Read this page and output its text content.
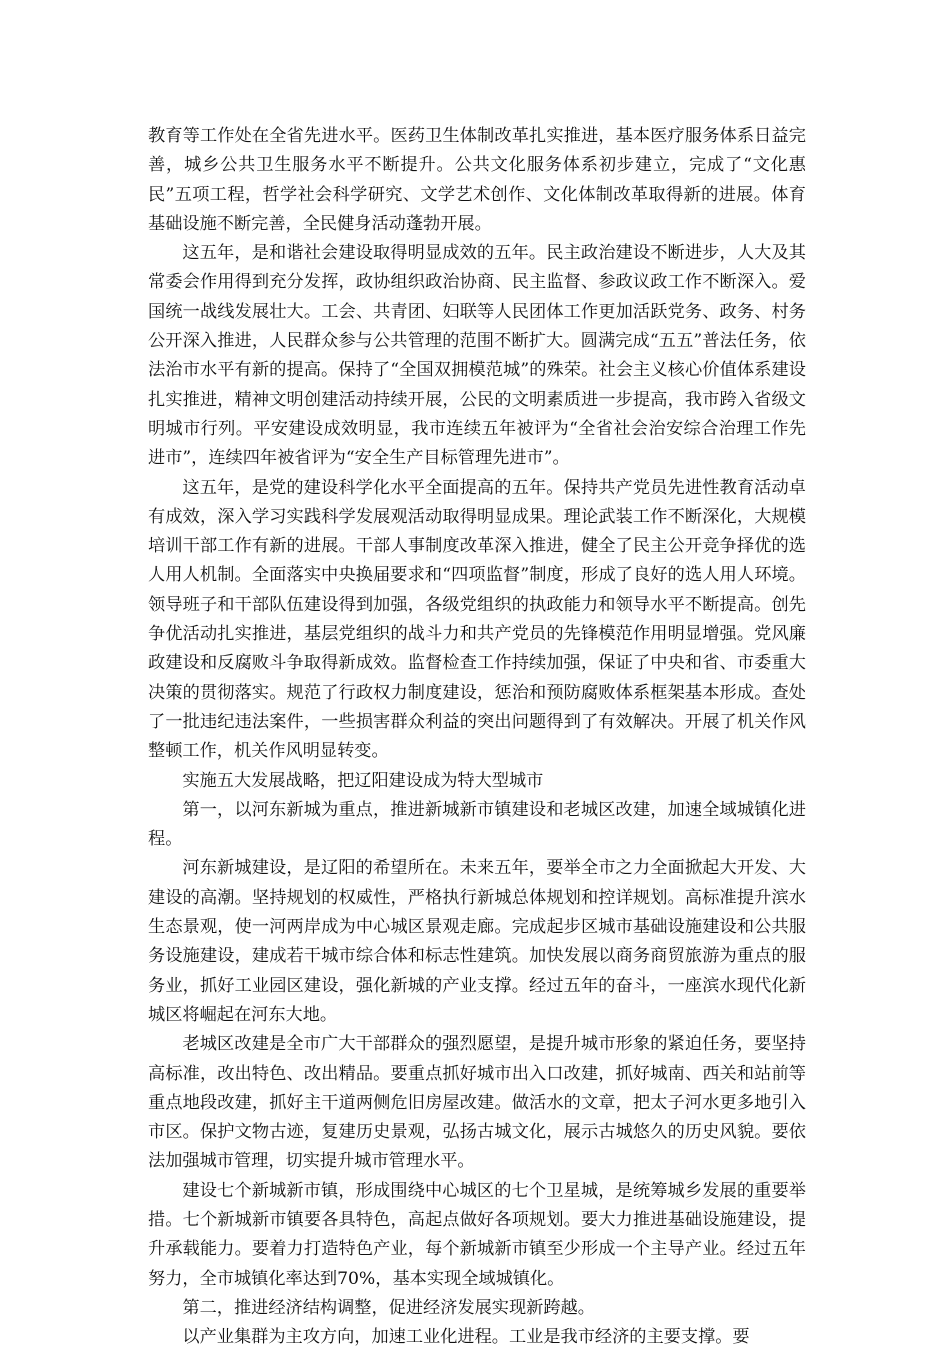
教育等工作处在全省先进水平。医药卫生体制改革扎实推进，基本医疗服务体系日益完善，城乡公共卫生服务水平不断提升。公共文化服务体系初步建立，完成了“文化惠民”五项工程，哲学社会科学研究、文学艺术创作、文化体制改革取得新的进展。体育基础设施不断完善，全民健身活动蓬勃开展。

这五年，是和谐社会建设取得明显成效的五年。民主政治建设不断进步，人大及其常委会作用得到充分发挥，政协组织政治协商、民主监督、参政议政工作不断深入。爱国统一战线发展壮大。工会、共青团、妇联等人民团体工作更加活跃党务、政务、村务公开深入推进，人民群众参与公共管理的范围不断扩大。圆满完成“五五”普法任务，依法治市水平有新的提高。保持了“全国双拥模范城”的殊荣。社会主义核心价值体系建设扎实推进，精神文明创建活动持续开展，公民的文明素质进一步提高，我市跨入省级文明城市行列。平安建设成效明显，我市连续五年被评为“全省社会治安综合治理工作先进市”，连续四年被省评为“安全生产目标管理先进市”。

这五年，是党的建设科学化水平全面提高的五年。保持共产党员先进性教育活动卓有成效，深入学习实践科学发展观活动取得明显成果。理论武装工作不断深化，大规模培训干部工作有新的进展。干部人事制度改革深入推进，健全了民主公开竞争择优的选人用人机制。全面落实中央换届要求和“四项监督”制度，形成了良好的选人用人环境。领导班子和干部队伍建设得到加强，各级党组织的执政能力和领导水平不断提高。创先争优活动扎实推进，基层党组织的战斗力和共产党员的先锋模范作用明显增强。党风廉政建设和反腐败斗争取得新成效。监督检查工作持续加强，保证了中央和省、市委重大决策的贯彻落实。规范了行政权力制度建设，惩治和预防腐败体系框架基本形成。查处了一批违纪违法案件，一些损害群众利益的突出问题得到了有效解决。开展了机关作风整顿工作，机关作风明显转变。

实施五大发展战略，把辽阳建设成为特大型城市

第一，以河东新城为重点，推进新城新市镇建设和老城区改建，加速全域城镇化进程。

河东新城建设，是辽阳的希望所在。未来五年，要举全市之力全面掀起大开发、大建设的高潮。坚持规划的权威性，严格执行新城总体规划和控详规划。高标准提升滨水生态景观，使一河两岸成为中心城区景观走廊。完成起步区城市基础设施建设和公共服务设施建设，建成若干城市综合体和标志性建筑。加快发展以商务商贸旅游为重点的服务业，抓好工业园区建设，强化新城的产业支撑。经过五年的奋斗，一座滨水现代化新城区将崛起在河东大地。

老城区改建是全市广大干部群众的强烈愿望，是提升城市形象的紧迫任务，要坚持高标准，改出特色、改出精品。要重点抓好城市出入口改建，抓好城南、西关和站前等重点地段改建，抓好主干道两侧危旧房屋改建。做活水的文章，把太子河水更多地引入市区。保护文物古迹，复建历史景观，弘扬古城文化，展示古城悠久的历史风貌。要依法加强城市管理，切实提升城市管理水平。

建设七个新城新市镇，形成围绕中心城区的七个卫星城，是统筹城乡发展的重要举措。七个新城新市镇要各具特色，高起点做好各项规划。要大力推进基础设施建设，提升承载能力。要着力打造特色产业，每个新城新市镇至少形成一个主导产业。经过五年努力，全市城镇化率达到70%，基本实现全域城镇化。

第二，推进经济结构调整，促进经济发展实现新跨越。

以产业集群为主攻方向，加速工业化进程。工业是我市经济的主要支撑。要
